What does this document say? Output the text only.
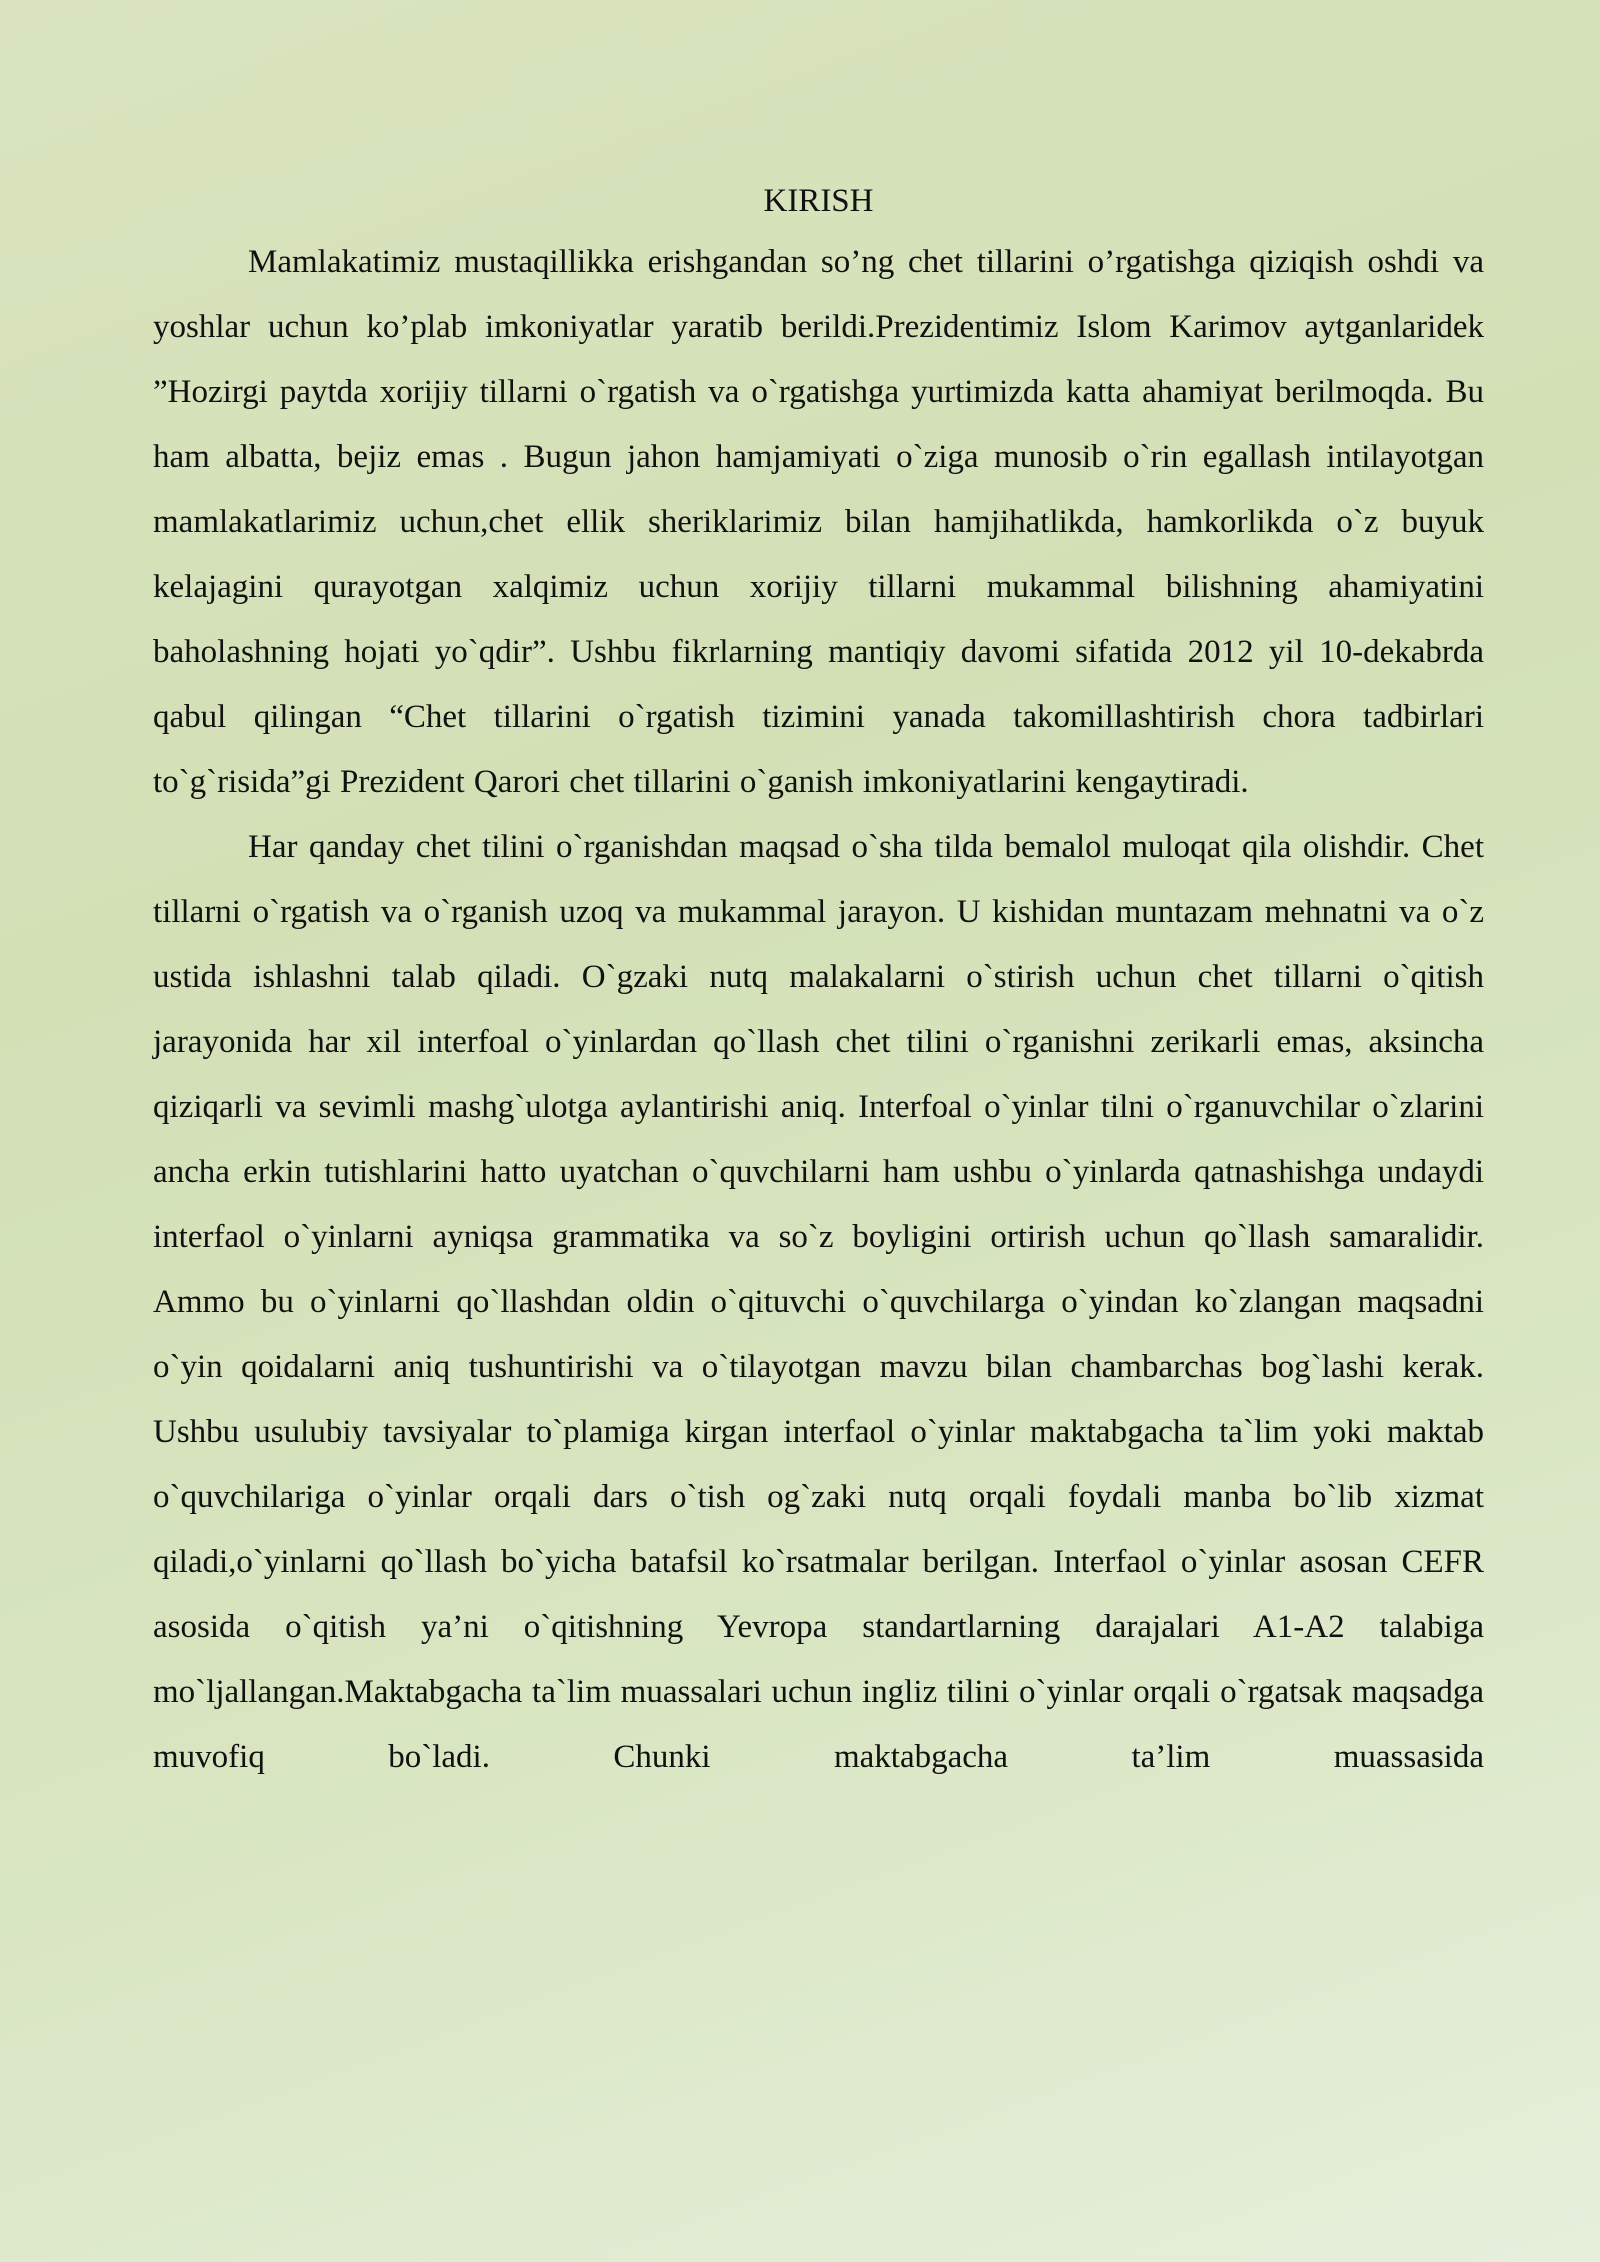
KIRISH

Mamlakatimiz mustaqillikka erishgandan so’ng chet tillarini o’rgatishga qiziqish oshdi va yoshlar uchun ko’plab imkoniyatlar yaratib berildi.Prezidentimiz Islom Karimov aytganlaridek ”Hozirgi paytda xorijiy tillarni o`rgatish va o`rgatishga yurtimizda katta ahamiyat berilmoqda. Bu ham albatta, bejiz emas . Bugun jahon hamjamiyati o`ziga munosib o`rin egallash intilayotgan mamlakatlarimiz uchun,chet ellik sheriklarimiz bilan hamjihatlikda, hamkorlikda o`z buyuk kelajagini qurayotgan xalqimiz uchun xorijiy tillarni mukammal bilishning ahamiyatini baholashning hojati yo`qdir”. Ushbu fikrlarning mantiqiy davomi sifatida 2012 yil 10-dekabrda qabul qilingan “Chet tillarini o`rgatish tizimini yanada takomillashtirish chora tadbirlari to`g`risida”gi Prezident Qarori chet tillarini o`ganish imkoniyatlarini kengaytiradi.

Har qanday chet tilini o`rganishdan maqsad o`sha tilda bemalol muloqat qila olishdir. Chet tillarni o`rgatish va o`rganish uzoq va mukammal jarayon. U kishidan muntazam mehnatni va o`z ustida ishlashni talab qiladi. O`gzaki nutq malakalarni o`stirish uchun chet tillarni o`qitish jarayonida har xil interfoal o`yinlardan qo`llash chet tilini o`rganishni zerikarli emas, aksincha qiziqarli va sevimli mashg`ulotga aylantirishi aniq. Interfoal o`yinlar tilni o`rganuvchilar o`zlarini ancha erkin tutishlarini hatto uyatchan o`quvchilarni ham ushbu o`yinlarda qatnashishga undaydi interfaol o`yinlarni ayniqsa grammatika va so`z boyligini ortirish uchun qo`llash samaralidir. Ammo bu o`yinlarni qo`llashdan oldin o`qituvchi o`quvchilarga o`yindan ko`zlangan maqsadni o`yin qoidalarni aniq tushuntirishi va o`tilayotgan mavzu bilan chambarchas bog`lashi kerak. Ushbu usulubiy tavsiyalar to`plamiga kirgan interfaol o`yinlar maktabgacha ta`lim yoki maktab o`quvchilariga o`yinlar orqali dars o`tish og`zaki nutq orqali foydali manba bo`lib xizmat qiladi,o`yinlarni qo`llash bo`yicha batafsil ko`rsatmalar berilgan. Interfaol o`yinlar asosan CEFR asosida o`qitish ya’ni o`qitishning Yevropa standartlarning darajalari A1-A2 talabiga mo`ljallangan.Maktabgacha ta`lim muassalari uchun ingliz tilini o`yinlar orqali o`rgatsak maqsadga muvofiq bo`ladi. Chunki maktabgacha ta’lim muassasida
